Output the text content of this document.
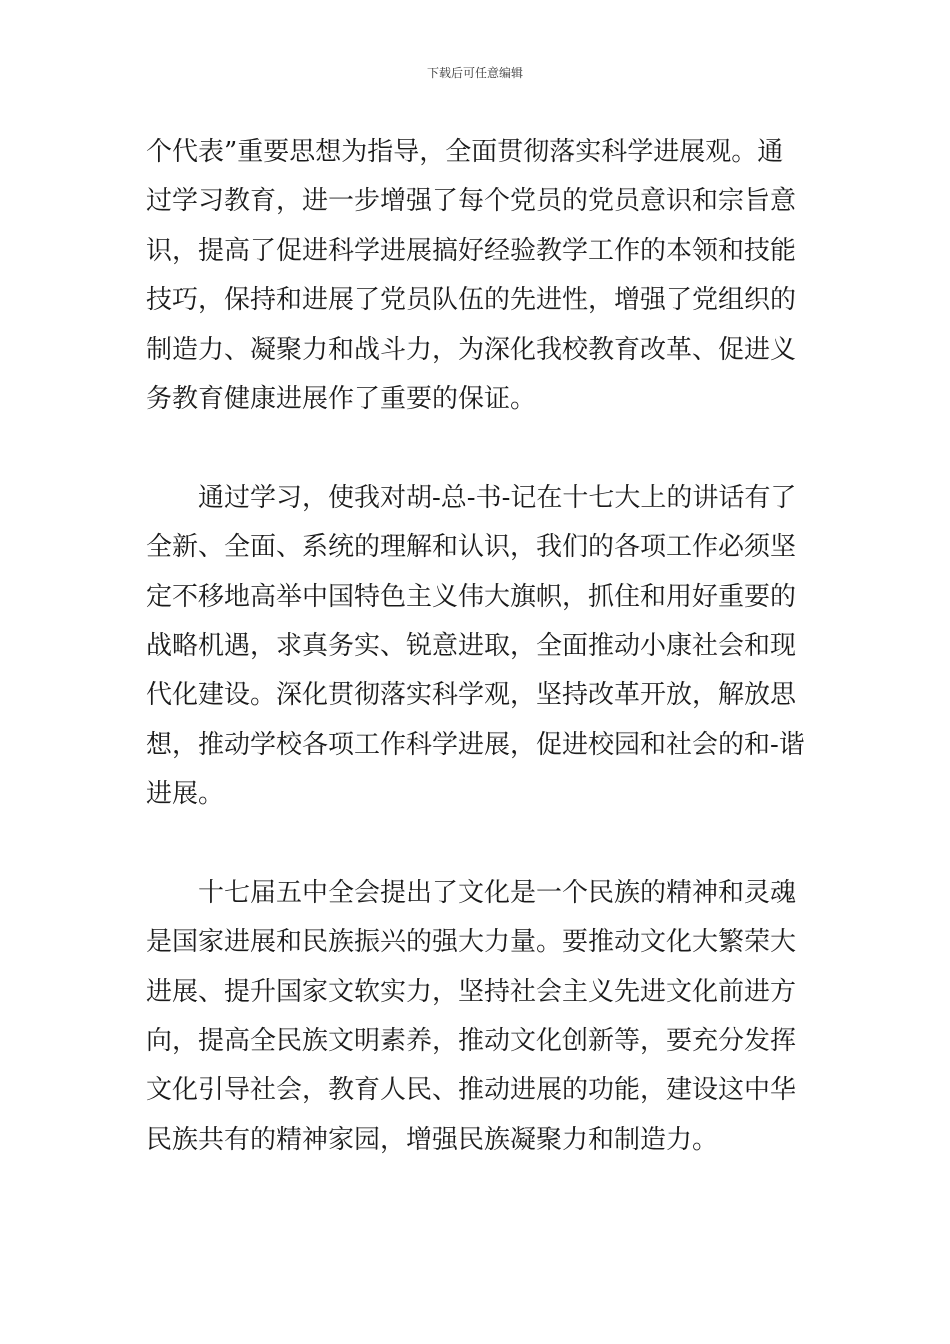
下载后可任意编辑
个代表”重要思想为指导，全面贯彻落实科学进展观。通
过学习教育，进一步增强了每个党员的党员意识和宗旨意
识，提高了促进科学进展搞好经验教学工作的本领和技能
技巧，保持和进展了党员队伍的先进性，增强了党组织的
制造力、凝聚力和战斗力，为深化我校教育改革、促进义
务教育健康进展作了重要的保证。
通过学习，使我对胡-总-书-记在十七大上的讲话有了
全新、全面、系统的理解和认识，我们的各项工作必须坚
定不移地高举中国特色主义伟大旗帜，抓住和用好重要的
战略机遇，求真务实、锐意进取，全面推动小康社会和现
代化建设。深化贯彻落实科学观，坚持改革开放，解放思
想，推动学校各项工作科学进展，促进校园和社会的和-谐
进展。
十七届五中全会提出了文化是一个民族的精神和灵魂
是国家进展和民族振兴的强大力量。要推动文化大繁荣大
进展、提升国家文软实力，坚持社会主义先进文化前进方
向，提高全民族文明素养，推动文化创新等，要充分发挥
文化引导社会，教育人民、推动进展的功能，建设这中华
民族共有的精神家园，增强民族凝聚力和制造力。
